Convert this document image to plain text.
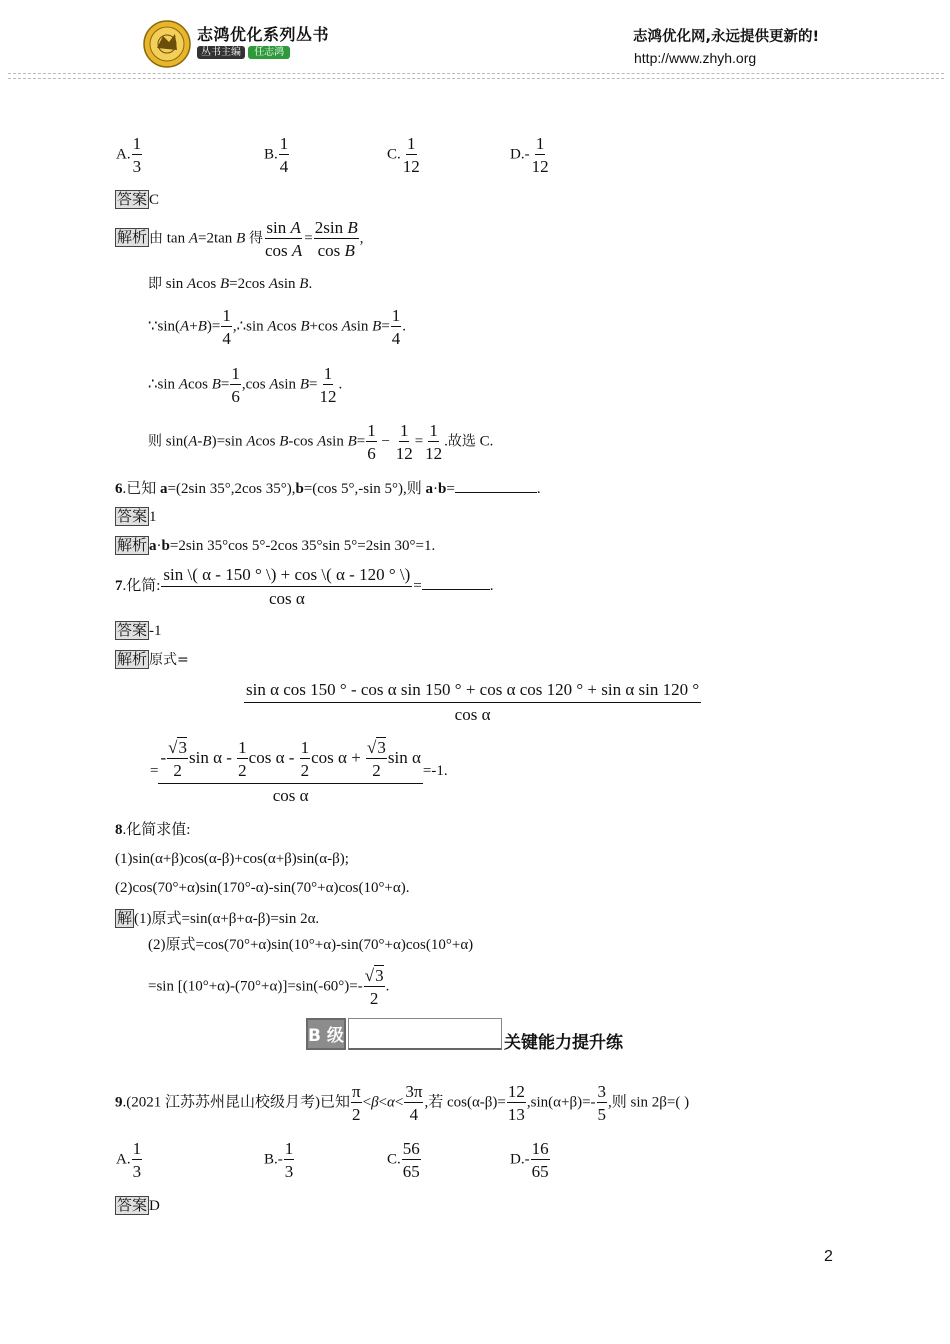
志鸿优化系列丛书
丛书主编 任志鸿
志鸿优化网,永远提供更新的!
http://www.zhyh.org
A. $\frac{1}{3}$	B. $\frac{1}{4}$	C. $\frac{1}{12}$	$D.- \frac{1}{12}$
答案 C
解析 由 tan A=2tan B 得 $\frac{\text{sin A}}{\text{cos A}} = \frac{\text{2sin B}}{\text{cos B}}$ ,
即 sin Acos B=2cos Asin B.
∵sin(A+B)= $\frac{1}{4}$ ,∴sin Acos B+cos Asin $B= \frac{1}{4}$ .
∴sin Acos $B= \frac{1}{6} ,\cos$ Asin $B= \frac{1}{12}$ .
则 sin(A-B)=sin Acos B-cos Asin $B= \frac{1}{6} - \frac{1}{12} = \frac{1}{12}$ .故选 C.
6.已知 a=(2sin 35°,2cos 35°),b=(cos 5°,-sin 5°),则 a·b=	.
答案 1
解析 a·b=2sin 35°cos 5°-2cos 35°sin 5°=2sin 30°=1.
7.化简: $\frac{\sin \backslash( \alpha - 150 ^\circ \backslash) + \cos \backslash( \alpha - 120 ^\circ \backslash)}{\text{cos α}}$ =	.
答案 -1
解析 原式=
sin α cos 150 ° - cos α sin 150 ° + cos α cos 120 ° + sin α sin 120 °
cos α
= $\frac{- \frac{√3}{2} \sin \alpha - \frac{1}{2} \cos \alpha - \frac{1}{2} \cos \alpha + \frac{√3}{2} \sin \alpha}{\text{cos α}} =-1$.
8.化简求值:
(1)sin(α+β)cos(α-β)+cos(α+β)sin(α-β);
(2)cos(70°+α)sin(170°-α)-sin(70°+α)cos(10°+α).
解 (1)原式=sin(α+β+α-β)=sin 2α.
(2)原式=cos(70°+α)sin(10°+α)-sin(70°+α)cos(10°+α)
=sin $[(10^\circ+\alpha)-(70^\circ+\alpha)]=\sin(-60^\circ)=- \frac{√3}{2}$ .
B 级	关键能力提升练
9.(2021 江苏苏州昆山校级月考)已知 $\frac{\pi}{2} <\beta<\alpha< \frac{3\pi}{4}$ ,若 $\cos(\alpha-\beta)= \frac{12}{13} ,\sin(\alpha+\beta)=- \frac{3}{5}$ ,则 sin 2β=( )
A. $\frac{1}{3}$	$B.- \frac{1}{3}$	C. $\frac{56}{65}$	$D.- \frac{16}{65}$
答案 D
2
